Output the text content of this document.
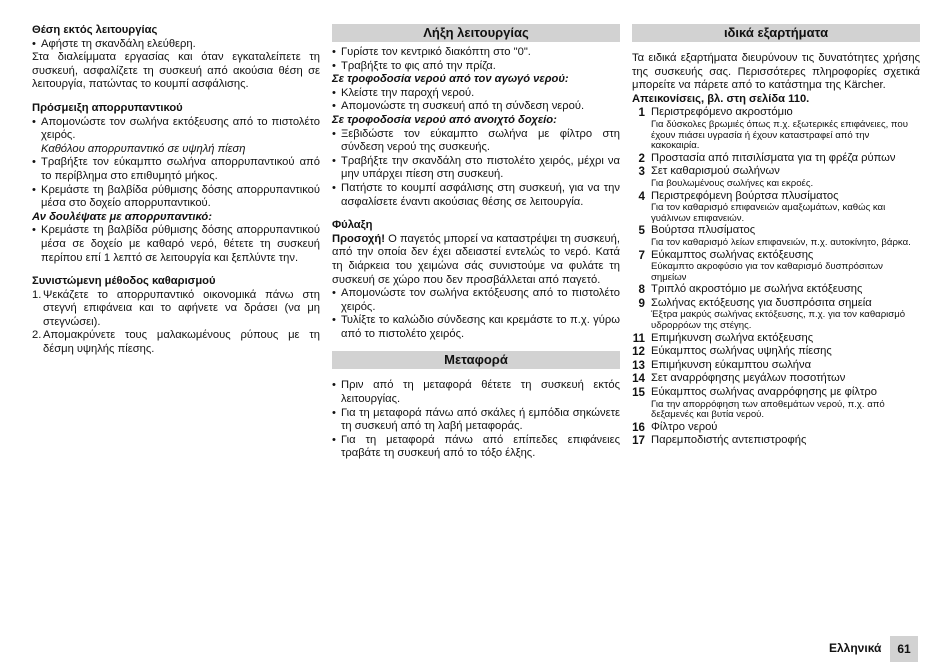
Θέση εκτός λειτουργίας

• Αφήστε τη σκανδάλη ελεύθερη.

Στα διαλείμματα εργασίας και όταν εγκαταλείπετε τη συσκευή, ασφαλίζετε τη συσκευή από ακούσια θέση σε λειτουργία, πατώντας το κουμπί ασφάλισης.

Πρόσμειξη απορρυπαντικού

• Απομονώστε τον σωλήνα εκτόξευσης από το πιστολέτο χειρός.
Καθόλου απορρυπαντικό σε υψηλή πίεση
• Τραβήξτε τον εύκαμπτο σωλήνα απορρυπαντικού από το περίβλημα στο επιθυμητό μήκος.
• Κρεμάστε τη βαλβίδα ρύθμισης δόσης απορρυπαντικού μέσα στο δοχείο απορρυπαντικού.

Αν δουλέψατε με απορρυπαντικό:

• Κρεμάστε τη βαλβίδα ρύθμισης δόσης απορρυπαντικού μέσα σε δοχείο με καθαρό νερό, θέτετε τη συσκευή περίπου επί 1 λεπτό σε λειτουργία και ξεπλύντε την.

Συνιστώμενη μέθοδος καθαρισμού

1. Ψεκάζετε το απορρυπαντικό οικονομικά πάνω στη στεγνή επιφάνεια και το αφήνετε να δράσει (να μη στεγνώσει).
2. Απομακρύνετε τους μαλακωμένους ρύπους με τη δέσμη υψηλής πίεσης.
Λήξη λειτουργίας
• Γυρίστε τον κεντρικό διακόπτη στο "0".
• Τραβήξτε το φις από την πρίζα.

Σε τροφοδοσία νερού από τον αγωγό νερού:

• Κλείστε την παροχή νερού.
• Απομονώστε τη συσκευή από τη σύνδεση νερού.

Σε τροφοδοσία νερού από ανοιχτό δοχείο:

• Ξεβιδώστε τον εύκαμπτο σωλήνα με φίλτρο στη σύνδεση νερού της συσκευής.
• Τραβήξτε την σκανδάλη στο πιστολέτο χειρός, μέχρι να μην υπάρχει πίεση στη συσκευή.
• Πατήστε το κουμπί ασφάλισης στη συσκευή, για να την ασφαλίσετε έναντι ακούσιας θέσης σε λειτουργία.

Φύλαξη

Προσοχή! Ο παγετός μπορεί να καταστρέψει τη συσκευή, από την οποία δεν έχει αδειαστεί εντελώς το νερό. Κατά τη διάρκεια του χειμώνα σάς συνιστούμε να φυλάτε τη συσκευή σε χώρο που δεν προσβάλλεται από παγετό.

• Απομονώστε τον σωλήνα εκτόξευσης από το πιστολέτο χειρός.
• Τυλίξτε το καλώδιο σύνδεσης και κρεμάστε το π.χ. γύρω από το πιστολέτο χειρός.
Μεταφορά
• Πριν από τη μεταφορά θέτετε τη συσκευή εκτός λειτουργίας.
• Για τη μεταφορά πάνω από σκάλες ή εμπόδια σηκώνετε τη συσκευή από τη λαβή μεταφοράς.
• Για τη μεταφορά πάνω από επίπεδες επιφάνειες τραβάτε τη συσκευή από το τόξο έλξης.
ιδικά εξαρτήματα

Τα ειδικά εξαρτήματα διευρύνουν τις δυνατότητες χρήσης της συσκευής σας. Περισσότερες πληροφορίες σχετικά μπορείτε να πάρετε από το κατάστημα της Kärcher.

Απεικονίσεις, βλ. στη σελίδα 110.

1 Περιστρεφόμενο ακροστόμιο
Για δύσκολες βρωμιές όπως π.χ. εξωτερικές επιφάνειες, που έχουν πιάσει υγρασία ή έχουν καταστραφεί από την κακοκαιρία.
2 Προστασία από πιτσιλίσματα για τη φρέζα ρύπων
3 Σετ καθαρισμού σωλήνων
Για βουλωμένους σωλήνες και εκροές.
4 Περιστρεφόμενη βούρτσα πλυσίματος
Για τον καθαρισμό επιφανειών αμαξωμάτων, καθώς και γυάλινων επιφανειών.
5 Βούρτσα πλυσίματος
Για τον καθαρισμό λείων επιφανειών, π.χ. αυτοκίνητο, βάρκα.
7 Εύκαμπτος σωλήνας εκτόξευσης
Εύκαμπτο ακροφύσιο για τον καθαρισμό δυσπρόσιτων σημείων
8 Τριπλό ακροστόμιο με σωλήνα εκτόξευσης
9 Σωλήνας εκτόξευσης για δυσπρόσιτα σημεία
Έξτρα μακρύς σωλήνας εκτόξευσης, π.χ. για τον καθαρισμό υδρορρόων της στέγης.
11 Επιμήκυνση σωλήνα εκτόξευσης
12 Εύκαμπτος σωλήνας υψηλής πίεσης
13 Επιμήκυνση εύκαμπτου σωλήνα
14 Σετ αναρρόφησης μεγάλων ποσοτήτων
15 Εύκαμπτος σωλήνας αναρρόφησης με φίλτρο
Για την απορρόφηση των αποθεμάτων νερού, π.χ. από δεξαμενές και βυτία νερού.
16 Φίλτρο νερού
17 Παρεμποδιστής αντεπιστροφής
Ελληνικά	61
